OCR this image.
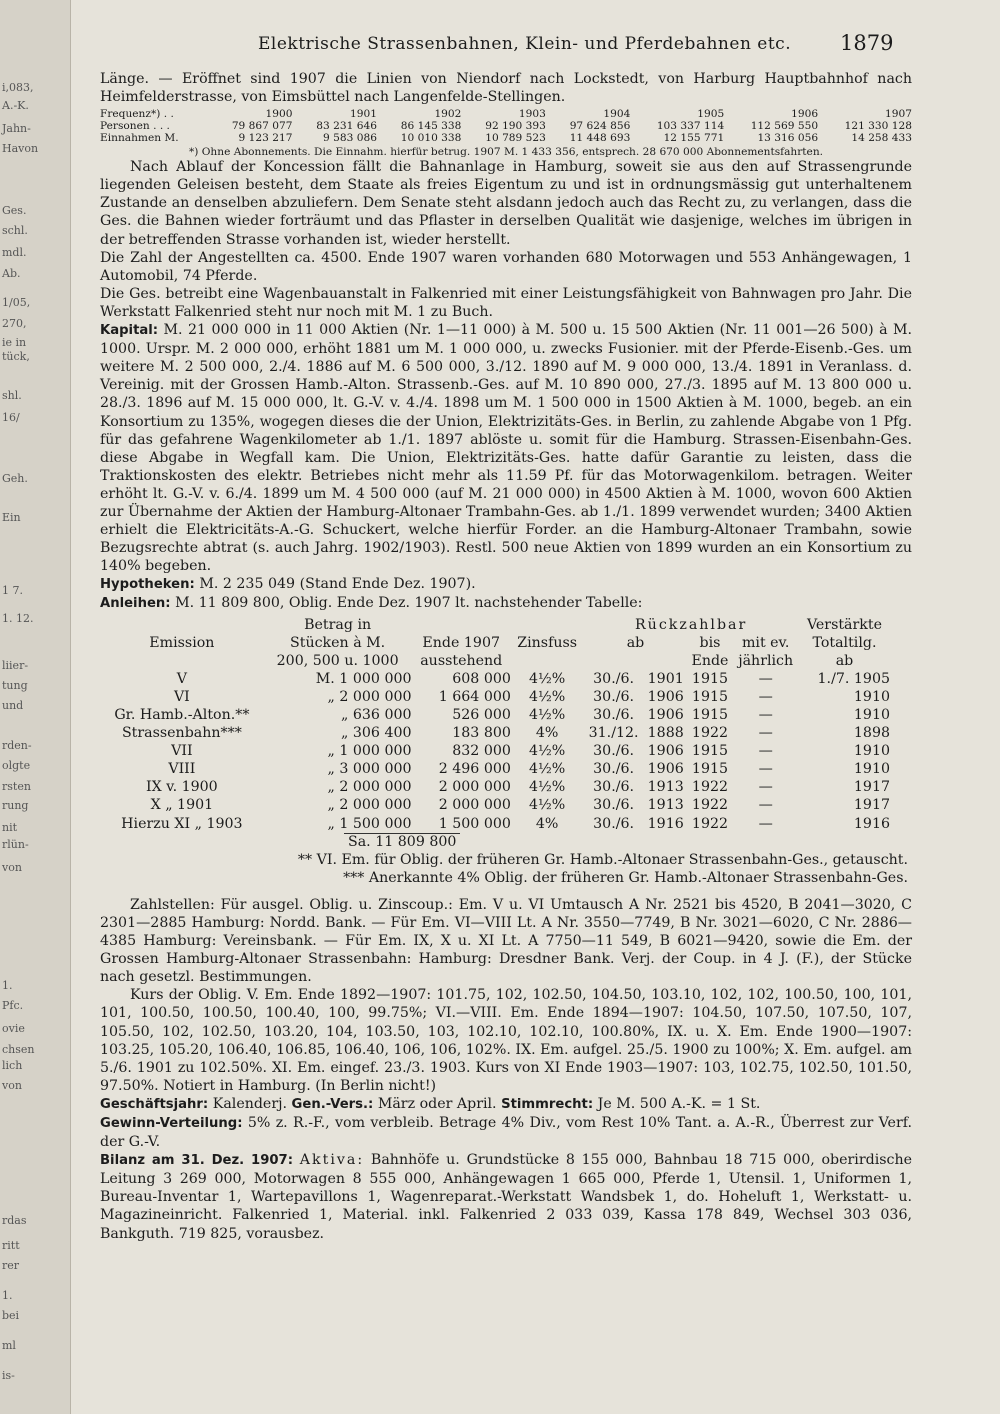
i,083,
A.-K.
Jahn-
Havon
Ges.
schl.
mdl.
Ab.
1/05,
270,
ie in
tück,
shl.
16/
Geh.
Ein
1 7.
1. 12.
liier-
tung
und
rden-
olgte
rsten
rung
nit
rlün-
von
1.
Pfc.
ovie
chsen
lich
von
rdas
ritt
rer
1.
bei
ml
is-
Elektrische Strassenbahnen, Klein- und Pferdebahnen etc. 1879

Länge. — Eröffnet sind 1907 die Linien von Niendorf nach Lockstedt, von Harburg Hauptbahnhof nach Heimfelderstrasse, von Eimsbüttel nach Langenfelde-Stellingen.

Frequenz*) . .	1900	1901	1902	1903	1904	1905	1906	1907
Personen . . .	79 867 077	83 231 646	86 145 338	92 190 393	97 624 856	103 337 114	112 569 550	121 330 128
Einnahmen M.	9 123 217	9 583 086	10 010 338	10 789 523	11 448 693	12 155 771	13 316 056	14 258 433
*) Ohne Abonnements. Die Einnahm. hierfür betrug. 1907 M. 1 433 356, entsprech. 28 670 000 Abonnementsfahrten.

Nach Ablauf der Koncession fällt die Bahnanlage in Hamburg, soweit sie aus den auf Strassengrunde liegenden Geleisen besteht, dem Staate als freies Eigentum zu und ist in ordnungsmässig gut unterhaltenem Zustande an denselben abzuliefern. Dem Senate steht alsdann jedoch auch das Recht zu, zu verlangen, dass die Ges. die Bahnen wieder forträumt und das Pflaster in derselben Qualität wie dasjenige, welches im übrigen in der betreffenden Strasse vorhanden ist, wieder herstellt.

Die Zahl der Angestellten ca. 4500. Ende 1907 waren vorhanden 680 Motorwagen und 553 Anhängewagen, 1 Automobil, 74 Pferde.

Die Ges. betreibt eine Wagenbauanstalt in Falkenried mit einer Leistungsfähigkeit von Bahnwagen pro Jahr. Die Werkstatt Falkenried steht nur noch mit M. 1 zu Buch.

Kapital: M. 21 000 000 in 11 000 Aktien (Nr. 1—11 000) à M. 500 u. 15 500 Aktien (Nr. 11 001—26 500) à M. 1000. Urspr. M. 2 000 000, erhöht 1881 um M. 1 000 000, u. zwecks Fusionier. mit der Pferde-Eisenb.-Ges. um weitere M. 2 500 000, 2./4. 1886 auf M. 6 500 000, 3./12. 1890 auf M. 9 000 000, 13./4. 1891 in Veranlass. d. Vereinig. mit der Grossen Hamb.-Alton. Strassenb.-Ges. auf M. 10 890 000, 27./3. 1895 auf M. 13 800 000 u. 28./3. 1896 auf M. 15 000 000, lt. G.-V. v. 4./4. 1898 um M. 1 500 000 in 1500 Aktien à M. 1000, begeb. an ein Konsortium zu 135%, wogegen dieses die der Union, Elektrizitäts-Ges. in Berlin, zu zahlende Abgabe von 1 Pfg. für das gefahrene Wagenkilometer ab 1./1. 1897 ablöste u. somit für die Hamburg. Strassen-Eisenbahn-Ges. diese Abgabe in Wegfall kam. Die Union, Elektrizitäts-Ges. hatte dafür Garantie zu leisten, dass die Traktionskosten des elektr. Betriebes nicht mehr als 11.59 Pf. für das Motorwagenkilom. betragen. Weiter erhöht lt. G.-V. v. 6./4. 1899 um M. 4 500 000 (auf M. 21 000 000) in 4500 Aktien à M. 1000, wovon 600 Aktien zur Übernahme der Aktien der Hamburg-Altonaer Trambahn-Ges. ab 1./1. 1899 verwendet wurden; 3400 Aktien erhielt die Elektricitäts-A.-G. Schuckert, welche hierfür Forder. an die Hamburg-Altonaer Trambahn, sowie Bezugsrechte abtrat (s. auch Jahrg. 1902/1903). Restl. 500 neue Aktien von 1899 wurden an ein Konsortium zu 140% begeben.

Hypotheken: M. 2 235 049 (Stand Ende Dez. 1907).

Anleihen: M. 11 809 800, Oblig. Ende Dez. 1907 lt. nachstehender Tabelle:

	Betrag in			Rückzahlbar				Verstärkte
Emission	Stücken à M.	Ende 1907	Zinsfuss	ab		bis	mit ev.	Totaltilg.
	200, 500 u. 1000	ausstehend				Ende	jährlich	ab
V	M. 1 000 000	608 000	4½%	30./6.	1901	1915	—	1./7. 1905
VI	„ 2 000 000	1 664 000	4½%	30./6.	1906	1915	—	1910
Gr. Hamb.-Alton.**	„ 636 000	526 000	4½%	30./6.	1906	1915	—	1910
Strassenbahn***	„ 306 400	183 800	4%	31./12.	1888	1922	—	1898
VII	„ 1 000 000	832 000	4½%	30./6.	1906	1915	—	1910
VIII	„ 3 000 000	2 496 000	4½%	30./6.	1906	1915	—	1910
IX v. 1900	„ 2 000 000	2 000 000	4½%	30./6.	1913	1922	—	1917
X „ 1901	„ 2 000 000	2 000 000	4½%	30./6.	1913	1922	—	1917
Hierzu XI „ 1903	„ 1 500 000	1 500 000	4%	30./6.	1916	1922	—	1916
Sa. 11 809 800

** VI. Em. für Oblig. der früheren Gr. Hamb.-Altonaer Strassenbahn-Ges., getauscht.

*** Anerkannte 4% Oblig. der früheren Gr. Hamb.-Altonaer Strassenbahn-Ges.

Zahlstellen: Für ausgel. Oblig. u. Zinscoup.: Em. V u. VI Umtausch A Nr. 2521 bis 4520, B 2041—3020, C 2301—2885 Hamburg: Nordd. Bank. — Für Em. VI—VIII Lt. A Nr. 3550—7749, B Nr. 3021—6020, C Nr. 2886—4385 Hamburg: Vereinsbank. — Für Em. IX, X u. XI Lt. A 7750—11 549, B 6021—9420, sowie die Em. der Grossen Hamburg-Altonaer Strassenbahn: Hamburg: Dresdner Bank. Verj. der Coup. in 4 J. (F.), der Stücke nach gesetzl. Bestimmungen.

Kurs der Oblig. V. Em. Ende 1892—1907: 101.75, 102, 102.50, 104.50, 103.10, 102, 102, 100.50, 100, 101, 101, 100.50, 100.50, 100.40, 100, 99.75%; VI.—VIII. Em. Ende 1894—1907: 104.50, 107.50, 107.50, 107, 105.50, 102, 102.50, 103.20, 104, 103.50, 103, 102.10, 102.10, 100.80%, IX. u. X. Em. Ende 1900—1907: 103.25, 105.20, 106.40, 106.85, 106.40, 106, 106, 102%. IX. Em. aufgel. 25./5. 1900 zu 100%; X. Em. aufgel. am 5./6. 1901 zu 102.50%. XI. Em. eingef. 23./3. 1903. Kurs von XI Ende 1903—1907: 103, 102.75, 102.50, 101.50, 97.50%. Notiert in Hamburg. (In Berlin nicht!)

Geschäftsjahr: Kalenderj. Gen.-Vers.: März oder April. Stimmrecht: Je M. 500 A.-K. = 1 St.

Gewinn-Verteilung: 5% z. R.-F., vom verbleib. Betrage 4% Div., vom Rest 10% Tant. a. A.-R., Überrest zur Verf. der G.-V.

Bilanz am 31. Dez. 1907: Aktiva: Bahnhöfe u. Grundstücke 8 155 000, Bahnbau 18 715 000, oberirdische Leitung 3 269 000, Motorwagen 8 555 000, Anhängewagen 1 665 000, Pferde 1, Utensil. 1, Uniformen 1, Bureau-Inventar 1, Wartepavillons 1, Wagenreparat.-Werkstatt Wandsbek 1, do. Hoheluft 1, Werkstatt- u. Magazineinricht. Falkenried 1, Material. inkl. Falkenried 2 033 039, Kassa 178 849, Wechsel 303 036, Bankguth. 719 825, vorausbez.
